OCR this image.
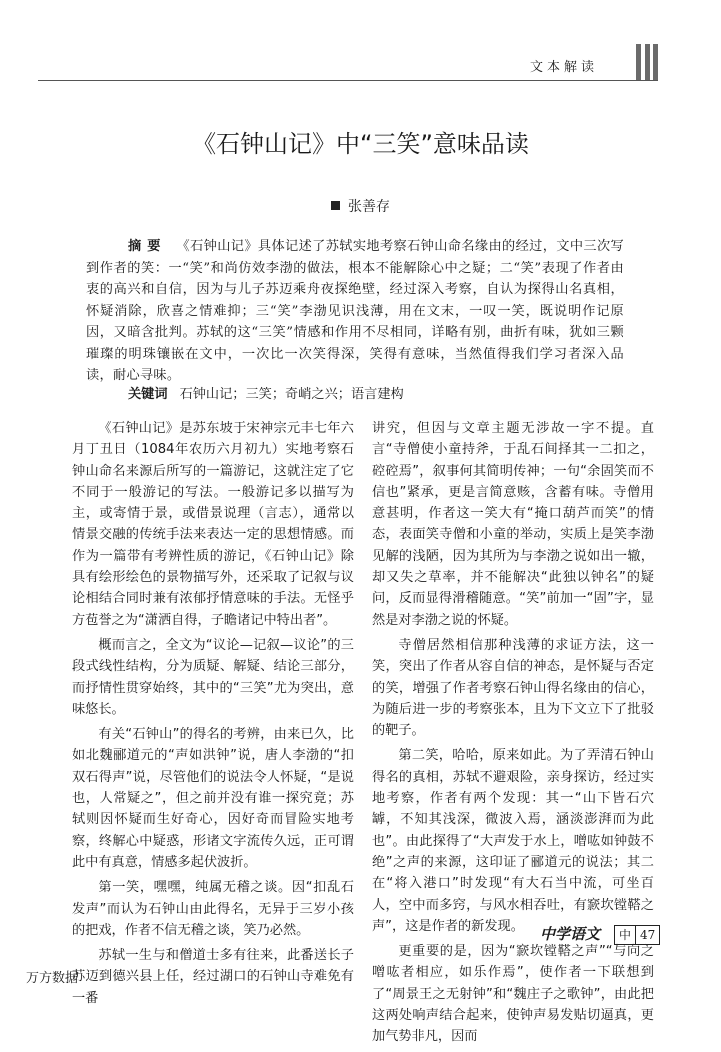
文本解读
《石钟山记》中“三笑”意味品读
张善存
摘要 《石钟山记》具体记述了苏轼实地考察石钟山命名缘由的经过，文中三次写到作者的笑：一“笑”和尚仿效李渤的做法，根本不能解除心中之疑；二“笑”表现了作者由衷的高兴和自信，因为与儿子苏迈乘舟夜探绝壁，经过深入考察，自认为探得山名真相，怀疑消除，欣喜之情难抑；三“笑”李渤见识浅薄，用在文末，一叹一笑，既说明作记原因，又暗含批判。苏轼的这“三笑”情感和作用不尽相同，详略有别，曲折有味，犹如三颗璀璨的明珠镶嵌在文中，一次比一次笑得深，笑得有意味，当然值得我们学习者深入品读，耐心寻味。
关键词 石钟山记；三笑；奇峭之兴；语言建构

《石钟山记》是苏东坡于宋神宗元丰七年六月丁丑日（1084年农历六月初九）实地考察石钟山命名来源后所写的一篇游记，这就注定了它不同于一般游记的写法。一般游记多以描写为主，或寄情于景，或借景说理（言志），通常以情景交融的传统手法来表达一定的思想情感。而作为一篇带有考辨性质的游记，《石钟山记》除具有绘形绘色的景物描写外，还采取了记叙与议论相结合同时兼有浓郁抒情意味的手法。无怪乎方苞誉之为“潇洒自得，子瞻诸记中特出者”。

概而言之，全文为“议论—记叙—议论”的三段式线性结构，分为质疑、解疑、结论三部分，而抒情性贯穿始终，其中的“三笑”尤为突出，意味悠长。

有关“石钟山”的得名的考辨，由来已久，比如北魏郦道元的“声如洪钟”说，唐人李渤的“扣双石得声”说，尽管他们的说法令人怀疑，“是说也，人常疑之”，但之前并没有谁一探究竟；苏轼则因怀疑而生好奇心，因好奇而冒险实地考察，终解心中疑惑，形诸文字流传久远，正可谓此中有真意，情感多起伏波折。

第一笑，嘿嘿，纯属无稽之谈。因“扣乱石发声”而认为石钟山由此得名，无异于三岁小孩的把戏，作者不信无稽之谈，笑乃必然。

苏轼一生与和僧道士多有往来，此番送长子苏迈到德兴县上任，经过湖口的石钟山寺难免有一番

讲究，但因与文章主题无涉故一字不提。直言“寺僧使小童持斧，于乱石间择其一二扣之，硿硿焉”，叙事何其简明传神；一句“余固笑而不信也”紧承，更是言简意赅，含蓄有味。寺僧用意甚明，作者这一笑大有“掩口葫芦而笑”的情态，表面笑寺僧和小童的举动，实质上是笑李渤见解的浅陋，因为其所为与李渤之说如出一辙，却又失之草率，并不能解决“此独以钟名”的疑问，反而显得滑稽随意。“笑”前加一“固”字，显然是对李渤之说的怀疑。

寺僧居然相信那种浅薄的求证方法，这一笑，突出了作者从容自信的神态，是怀疑与否定的笑，增强了作者考察石钟山得名缘由的信心，为随后进一步的考察张本，且为下文立下了批驳的靶子。

第二笑，哈哈，原来如此。为了弄清石钟山得名的真相，苏轼不避艰险，亲身探访，经过实地考察，作者有两个发现：其一“山下皆石穴罅，不知其浅深，微波入焉，涵淡澎湃而为此也”。由此探得了“大声发于水上，噌吰如钟鼓不绝”之声的来源，这印证了郦道元的说法；其二在“将入港口”时发现“有大石当中流，可坐百人，空中而多窍，与风水相吞吐，有窾坎镗鞳之声”，这是作者的新发现。

更重要的是，因为“窾坎镗鞳之声”“与向之噌吰者相应，如乐作焉”，使作者一下联想到了“周景王之无射钟”和“魏庄子之歌钟”，由此把这两处响声结合起来，使钟声易发贴切逼真，更加气势非凡，因而

中学语文	中 47
万方数据
